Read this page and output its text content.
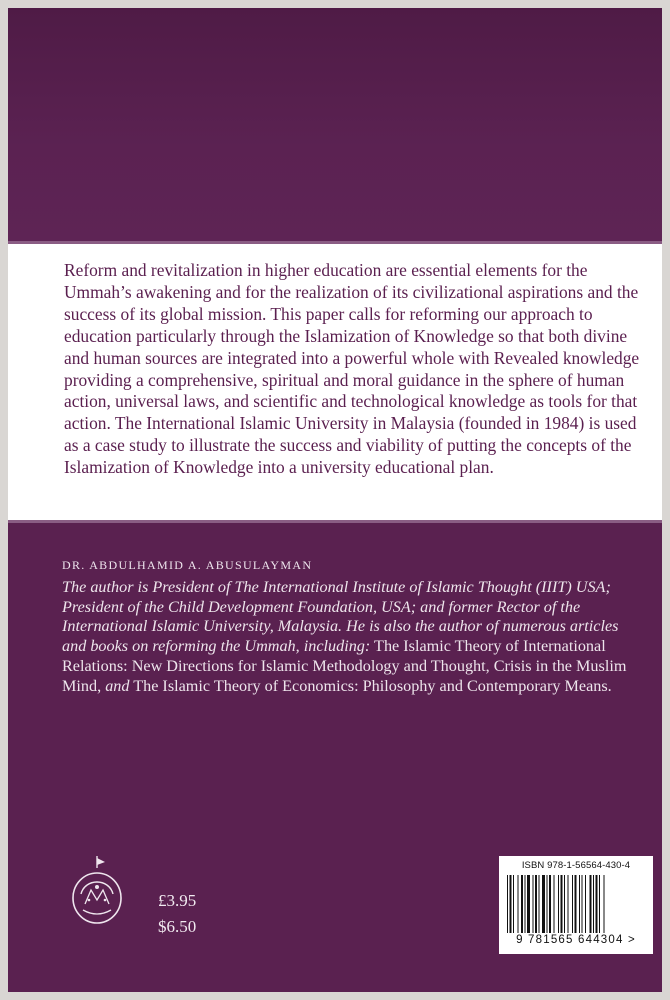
Reform and revitalization in higher education are essential elements for the Ummah’s awakening and for the realization of its civilizational aspirations and the success of its global mission. This paper calls for reforming our approach to education particularly through the Islamization of Knowledge so that both divine and human sources are integrated into a powerful whole with Revealed knowledge providing a comprehensive, spiritual and moral guidance in the sphere of human action, universal laws, and scientific and technological knowledge as tools for that action. The International Islamic University in Malaysia (founded in 1984) is used as a case study to illustrate the success and viability of putting the concepts of the Islamization of Knowledge into a university educational plan.

DR. ABDULHAMID A. ABUSULAYMAN

The author is President of The International Institute of Islamic Thought (IIIT) USA; President of the Child Development Foundation, USA; and former Rector of the International Islamic University, Malaysia. He is also the author of numerous articles and books on reforming the Ummah, including: The Islamic Theory of International Relations: New Directions for Islamic Methodology and Thought, Crisis in the Muslim Mind, and The Islamic Theory of Economics: Philosophy and Contemporary Means.

£3.95
$6.50
ISBN 978-1-56564-430-4
9 781565 644304 >
